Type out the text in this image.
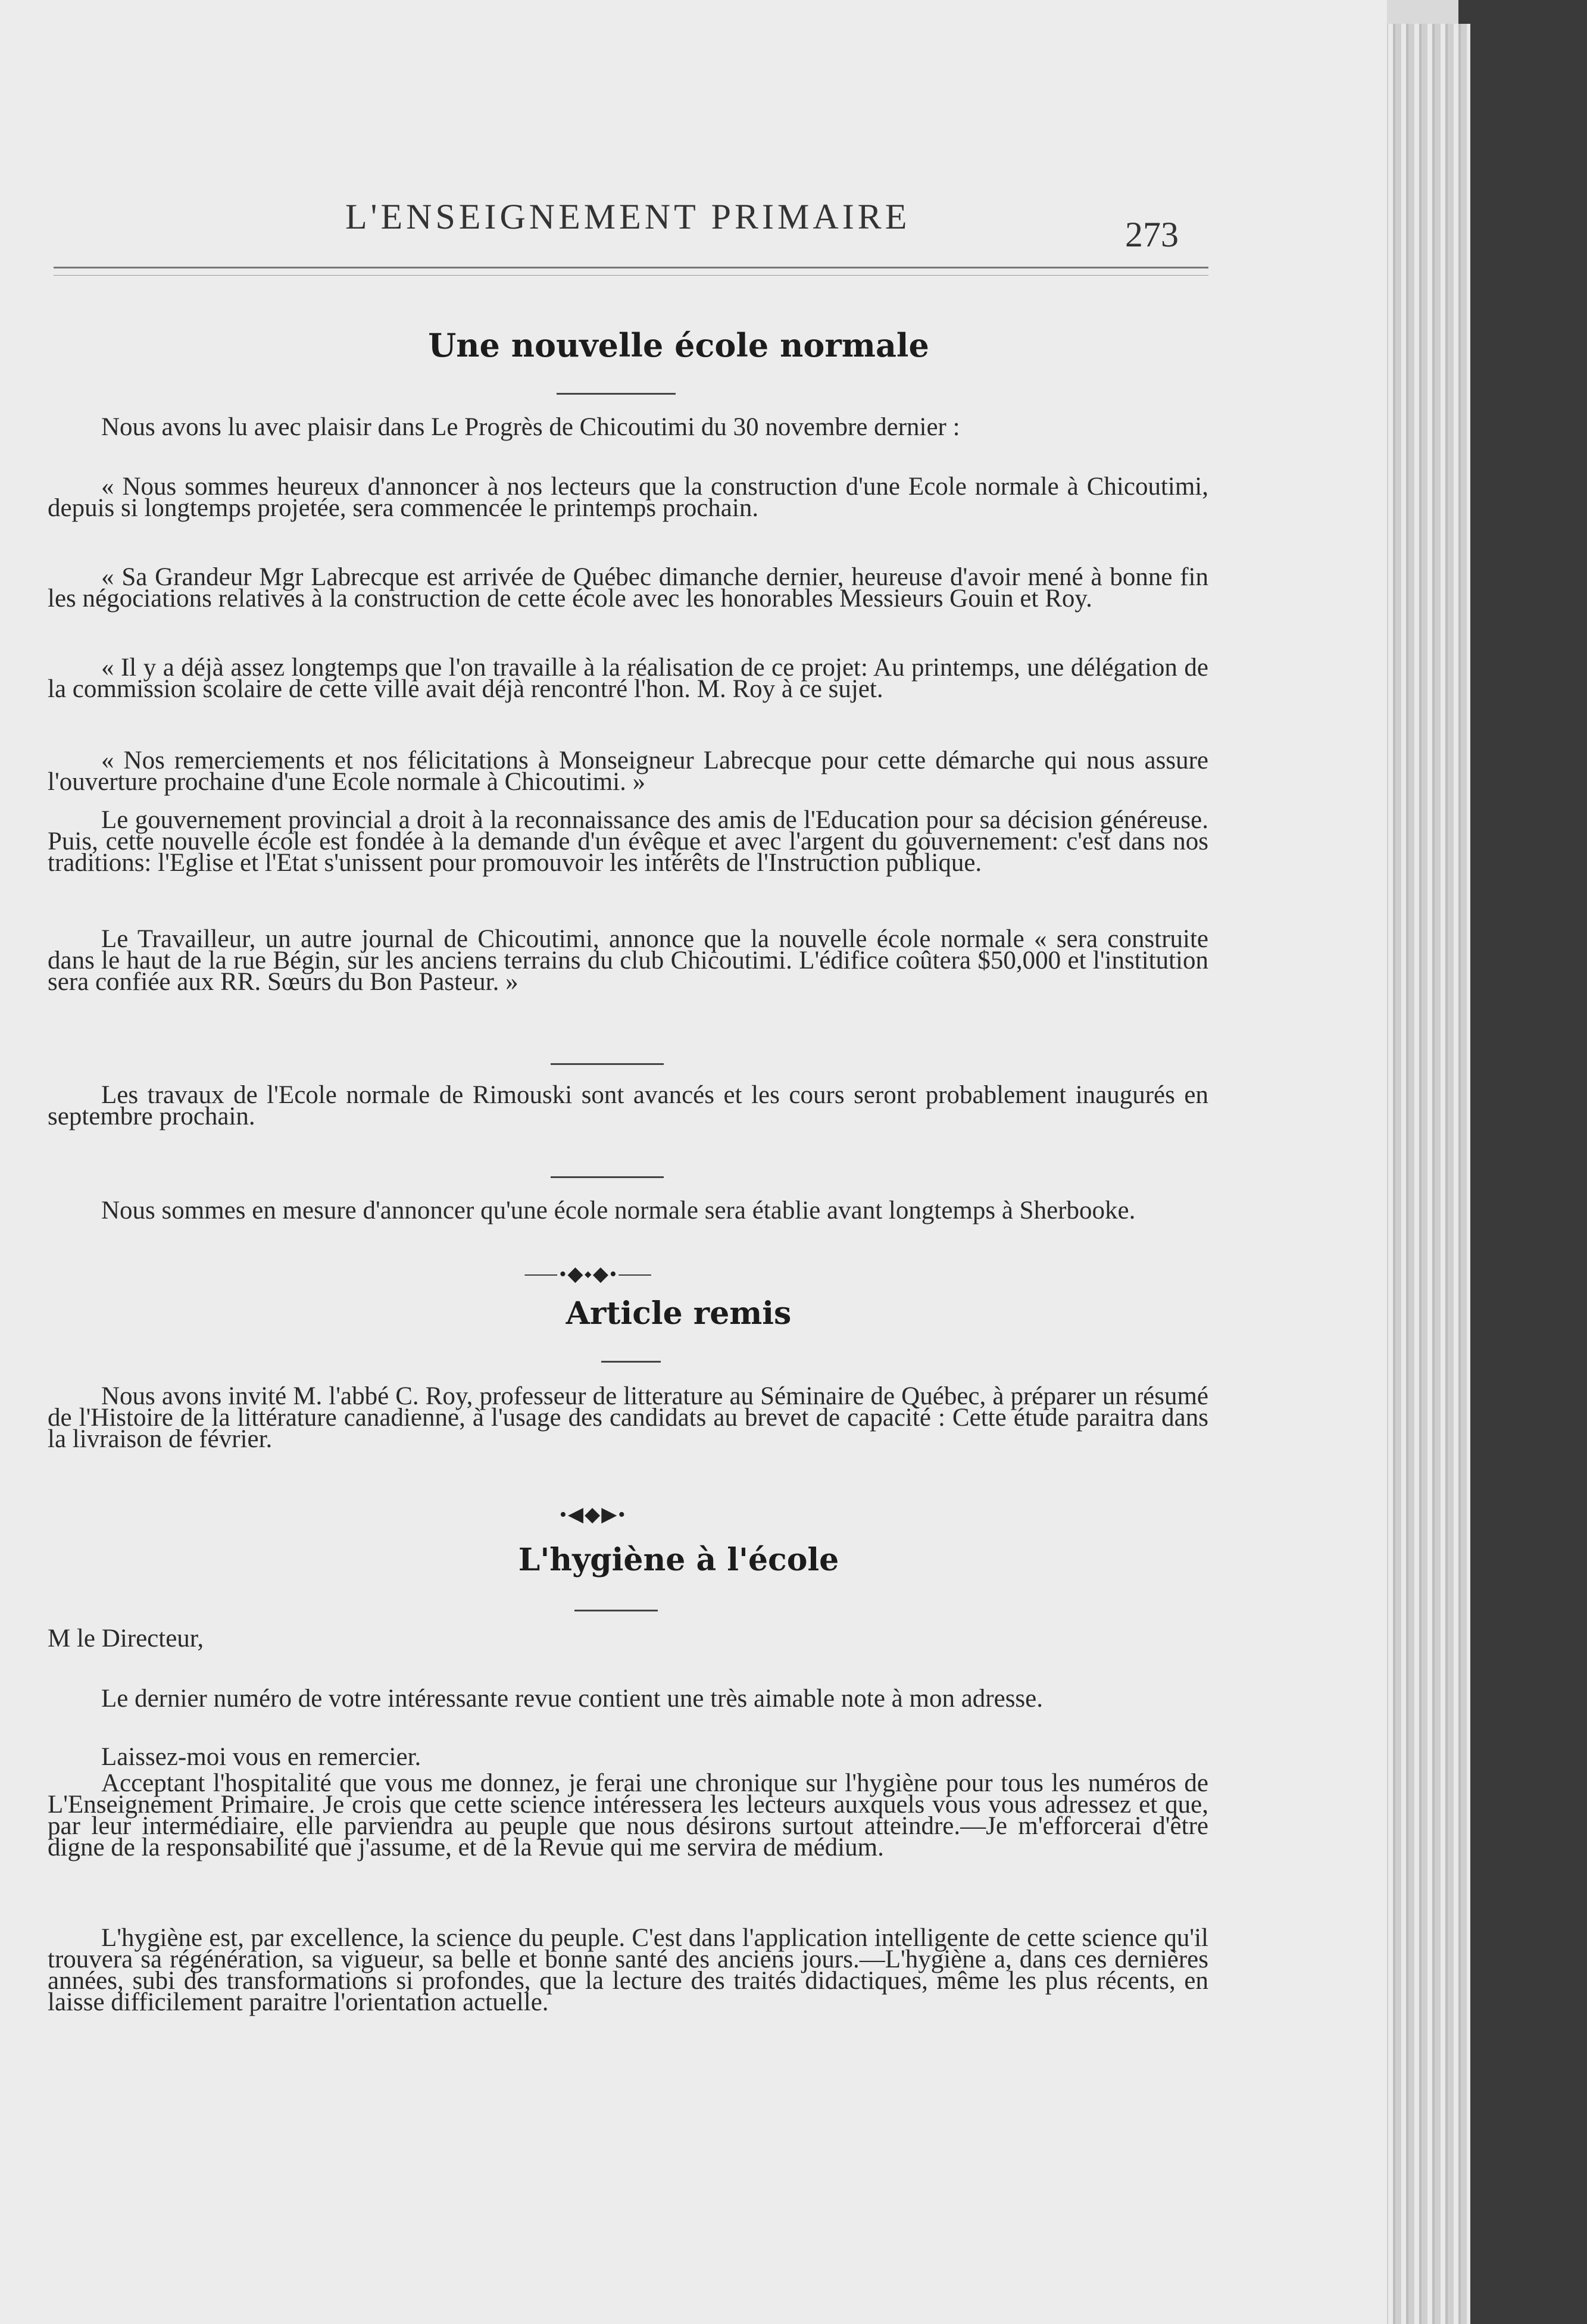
L'ENSEIGNEMENT PRIMAIRE	273
Une nouvelle école normale
Nous avons lu avec plaisir dans Le Progrès de Chicoutimi du 30 novembre dernier :
« Nous sommes heureux d'annoncer à nos lecteurs que la construction d'une Ecole normale à Chicoutimi, depuis si longtemps projetée, sera commencée le printemps prochain.
« Sa Grandeur Mgr Labrecque est arrivée de Québec dimanche dernier, heureuse d'avoir mené à bonne fin les négociations relatives à la construction de cette école avec les honorables Messieurs Gouin et Roy.
« Il y a déjà assez longtemps que l'on travaille à la réalisation de ce projet: Au printemps, une délégation de la commission scolaire de cette ville avait déjà rencontré l'hon. M. Roy à ce sujet.
« Nos remerciements et nos félicitations à Monseigneur Labrecque pour cette démarche qui nous assure l'ouverture prochaine d'une Ecole normale à Chicoutimi. »
Le gouvernement provincial a droit à la reconnaissance des amis de l'Education pour sa décision généreuse. Puis, cette nouvelle école est fondée à la demande d'un évêque et avec l'argent du gouvernement: c'est dans nos traditions: l'Eglise et l'Etat s'unissent pour promouvoir les intérêts de l'Instruction publique.
Le Travailleur, un autre journal de Chicoutimi, annonce que la nouvelle école normale « sera construite dans le haut de la rue Bégin, sur les anciens terrains du club Chicoutimi. L'édifice coûtera $50,000 et l'institution sera confiée aux RR. Sœurs du Bon Pasteur. »
Les travaux de l'Ecole normale de Rimouski sont avancés et les cours seront probablement inaugurés en septembre prochain.
Nous sommes en mesure d'annoncer qu'une école normale sera établie avant longtemps à Sherbooke.
⸺•◆⬩◆•⸺
Article remis
Nous avons invité M. l'abbé C. Roy, professeur de litterature au Séminaire de Québec, à préparer un résumé de l'Histoire de la littérature canadienne, à l'usage des candidats au brevet de capacité : Cette étude paraitra dans la livraison de février.
•◀◆▶•
L'hygiène à l'école
M le Directeur,
Le dernier numéro de votre intéressante revue contient une très aimable note à mon adresse.
Laissez-moi vous en remercier.
Acceptant l'hospitalité que vous me donnez, je ferai une chronique sur l'hygiène pour tous les numéros de L'Enseignement Primaire. Je crois que cette science intéressera les lecteurs auxquels vous vous adressez et que, par leur intermédiaire, elle parviendra au peuple que nous désirons surtout atteindre.—Je m'efforcerai d'être digne de la responsabilité que j'assume, et de la Revue qui me servira de médium.
L'hygiène est, par excellence, la science du peuple. C'est dans l'application intelligente de cette science qu'il trouvera sa régénération, sa vigueur, sa belle et bonne santé des anciens jours.—L'hygiène a, dans ces dernières années, subi des transformations si profondes, que la lecture des traités didactiques, même les plus récents, en laisse difficilement paraitre l'orientation actuelle.
